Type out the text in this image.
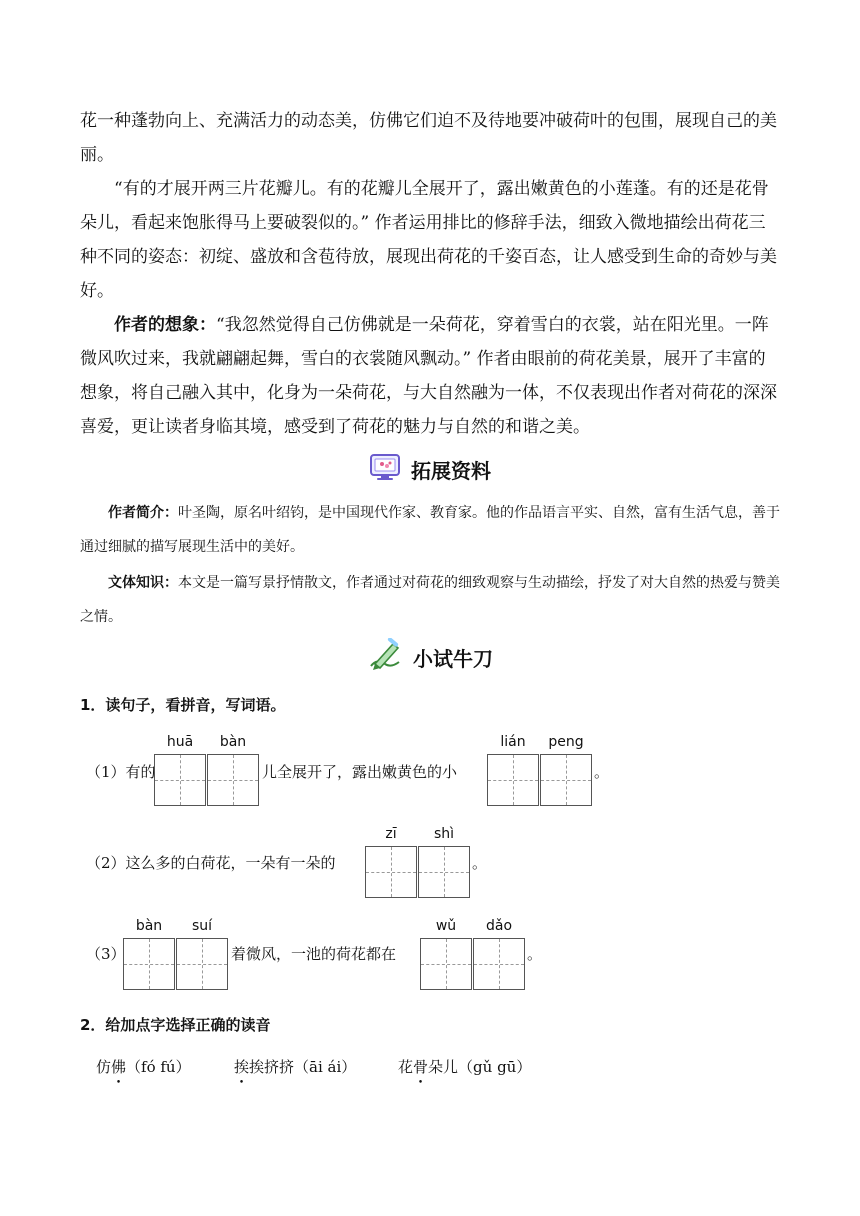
花一种蓬勃向上、充满活力的动态美，仿佛它们迫不及待地要冲破荷叶的包围，展现自己的美丽。
“有的才展开两三片花瓣儿。有的花瓣儿全展开了，露出嫩黄色的小莲蓬。有的还是花骨朵儿，看起来饱胀得马上要破裂似的。” 作者运用排比的修辞手法，细致入微地描绘出荷花三种不同的姿态：初绽、盛放和含苞待放，展现出荷花的千姿百态，让人感受到生命的奇妙与美好。
作者的想象：“我忽然觉得自己仿佛就是一朵荷花，穿着雪白的衣裳，站在阳光里。一阵微风吹过来，我就翩翩起舞，雪白的衣裳随风飘动。” 作者由眼前的荷花美景，展开了丰富的想象，将自己融入其中，化身为一朵荷花，与大自然融为一体，不仅表现出作者对荷花的深深喜爱，更让读者身临其境，感受到了荷花的魅力与自然的和谐之美。
拓展资料
作者简介：叶圣陶，原名叶绍钧，是中国现代作家、教育家。他的作品语言平实、自然，富有生活气息，善于通过细腻的描写展现生活中的美好。
文体知识：本文是一篇写景抒情散文，作者通过对荷花的细致观察与生动描绘，抒发了对大自然的热爱与赞美之情。
小试牛刀
1．读句子，看拼音，写词语。
（1）有的
huā	bàn
儿全展开了，露出嫩黄色的小
lián	peng
。
（2）这么多的白荷花，一朵有一朵的
zī	shì
。
（3）
bàn	suí
着微风，一池的荷花都在
wǔ	dǎo
。
2．给加点字选择正确的读音
仿佛（fó fú）	挨挨挤挤（āi ái）	花骨朵儿（gǔ gū）
